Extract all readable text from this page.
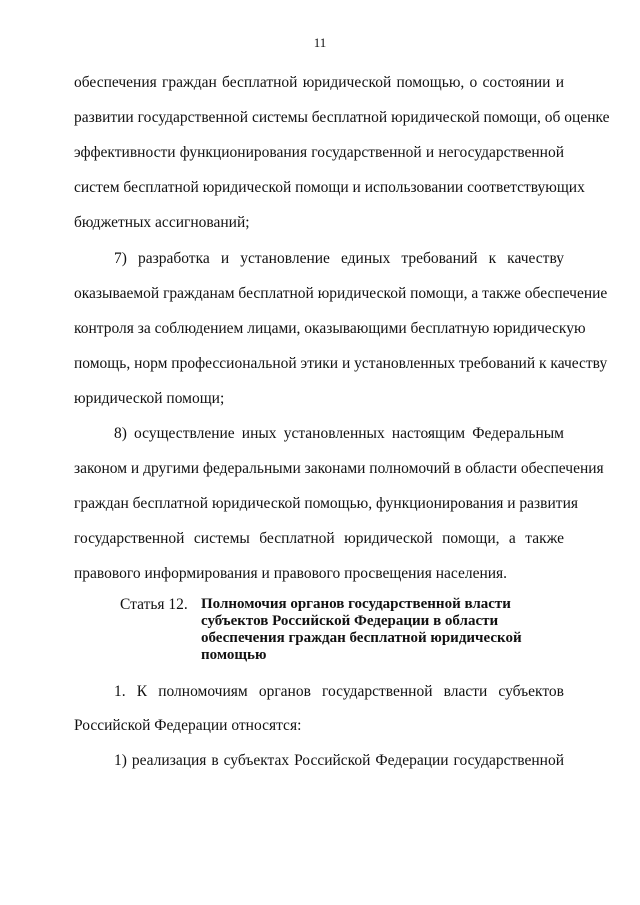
11
обеспечения граждан бесплатной юридической помощью, о состоянии и
развитии государственной системы бесплатной юридической помощи, об оценке
эффективности функционирования государственной и негосударственной
систем бесплатной юридической помощи и использовании соответствующих
бюджетных ассигнований;
7) разработка и установление единых требований к качеству
оказываемой гражданам бесплатной юридической помощи, а также обеспечение
контроля за соблюдением лицами, оказывающими бесплатную юридическую
помощь, норм профессиональной этики и установленных требований к качеству
юридической помощи;
8) осуществление иных установленных настоящим Федеральным
законом и другими федеральными законами полномочий в области обеспечения
граждан бесплатной юридической помощью, функционирования и развития
государственной системы бесплатной юридической помощи, а также
правового информирования и правового просвещения населения.
Статья 12. Полномочия органов государственной власти субъектов Российской Федерации в области обеспечения граждан бесплатной юридической помощью
1. К полномочиям органов государственной власти субъектов
Российской Федерации относятся:
1) реализация в субъектах Российской Федерации государственной
